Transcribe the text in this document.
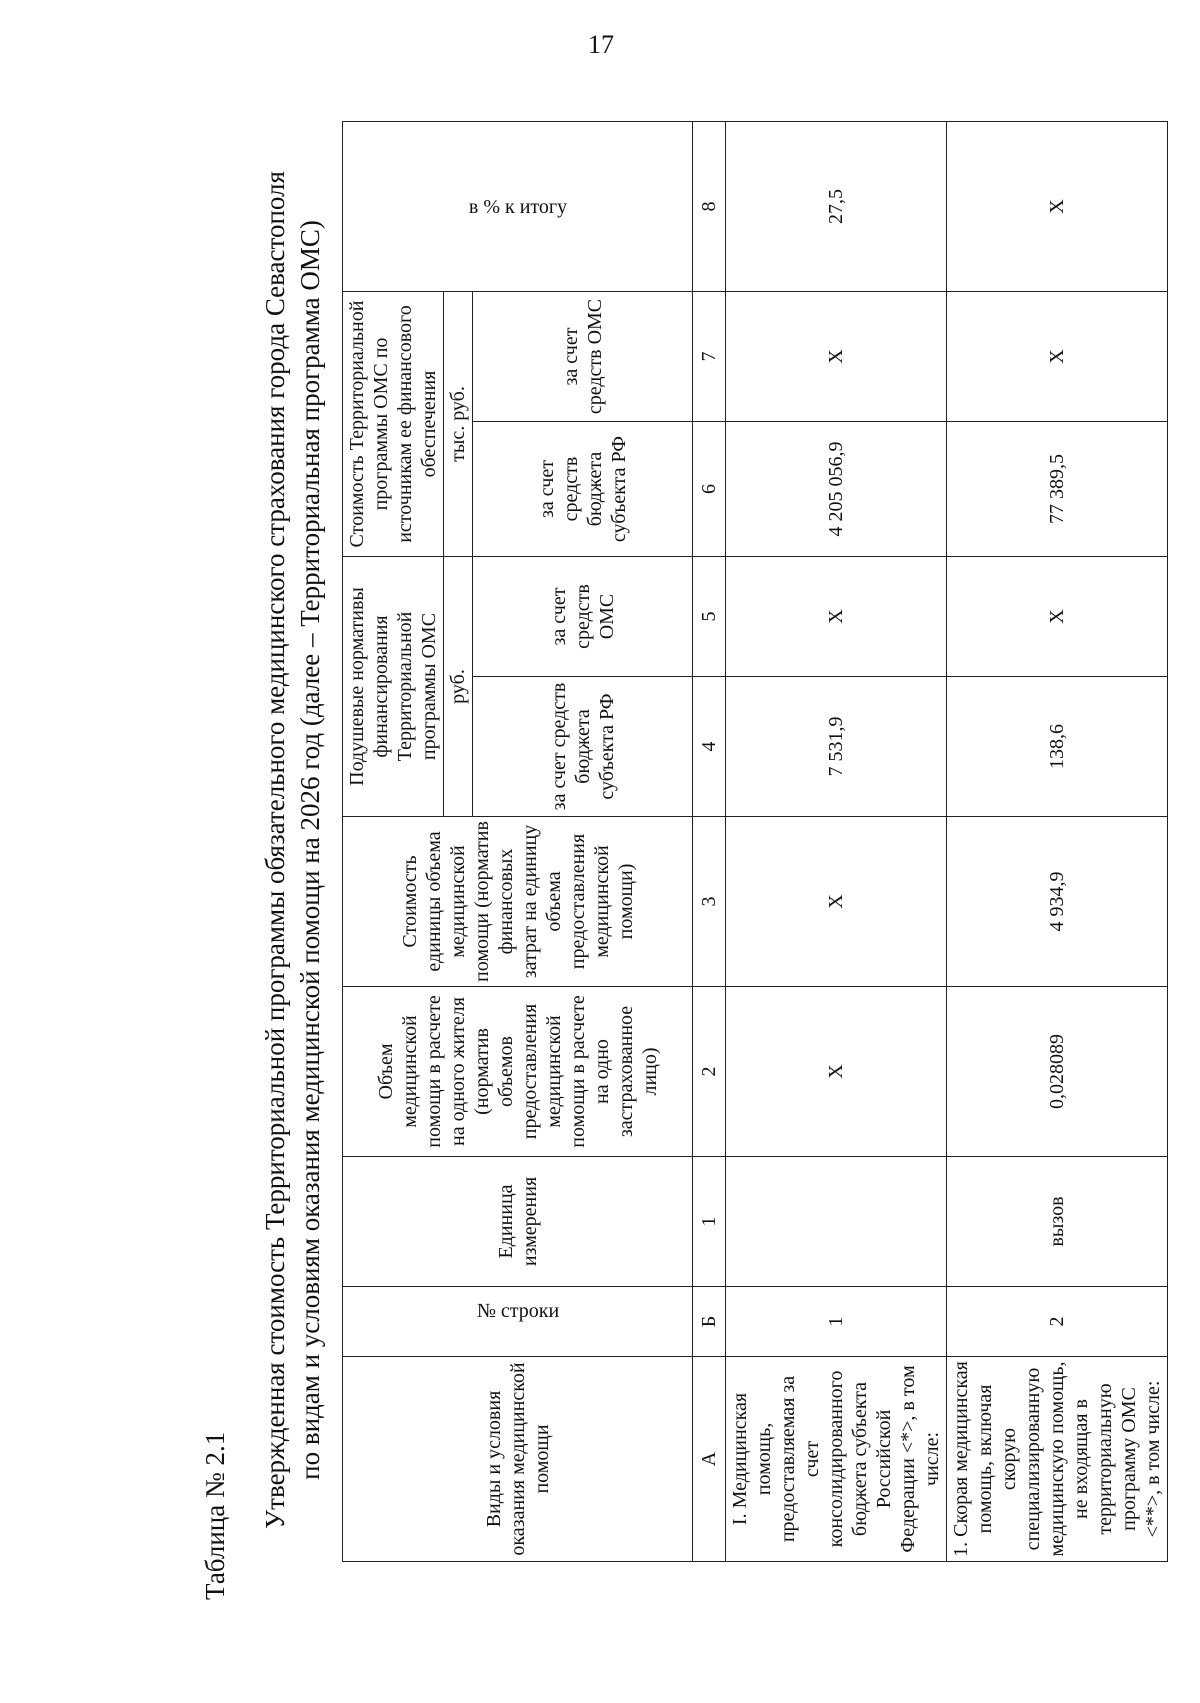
17
Таблица № 2.1 Утвержденная стоимость Территориальной программы обязательного медицинского страхования города Севастополя по видам и условиям оказания медицинской помощи на 2026 год (далее – Территориальная программа ОМС)	Виды и условия оказания медицинской помощи	№ строки	Единица измерения	Объем медицинской помощи в расчете на одного жителя (норматив объемов предоставления медицинской помощи в расчете на одно застрахованное лицо)	Стоимость единицы объема медицинской помощи (норматив финансовых затрат на единицу объема предоставления медицинской помощи)	Подушевые нормативы финансирования Территориальной программы ОМС		Стоимость Территориальной программы ОМС по источникам ее финансового обеспечения		в % к итогу
					руб.		тыс. руб.		
					за счет средств бюджета субъекта РФ	за счет средств ОМС	за счет средств бюджета субъекта РФ	за счет средств ОМС	
А	Б	1	2	3	4	5	6	7	8
I. Медицинская помощь, предоставляемая за счет консолидированного бюджета субъекта Российской Федерации <*>, в том числе:	1		X	X	7 531,9	X	4 205 056,9	X	27,5
1. Скорая медицинская помощь, включая скорую специализированную медицинскую помощь, не входящая в территориальную программу ОМС <**>, в том числе:	2	вызов	0,028089	4 934,9	138,6	X	77 389,5	X	X
